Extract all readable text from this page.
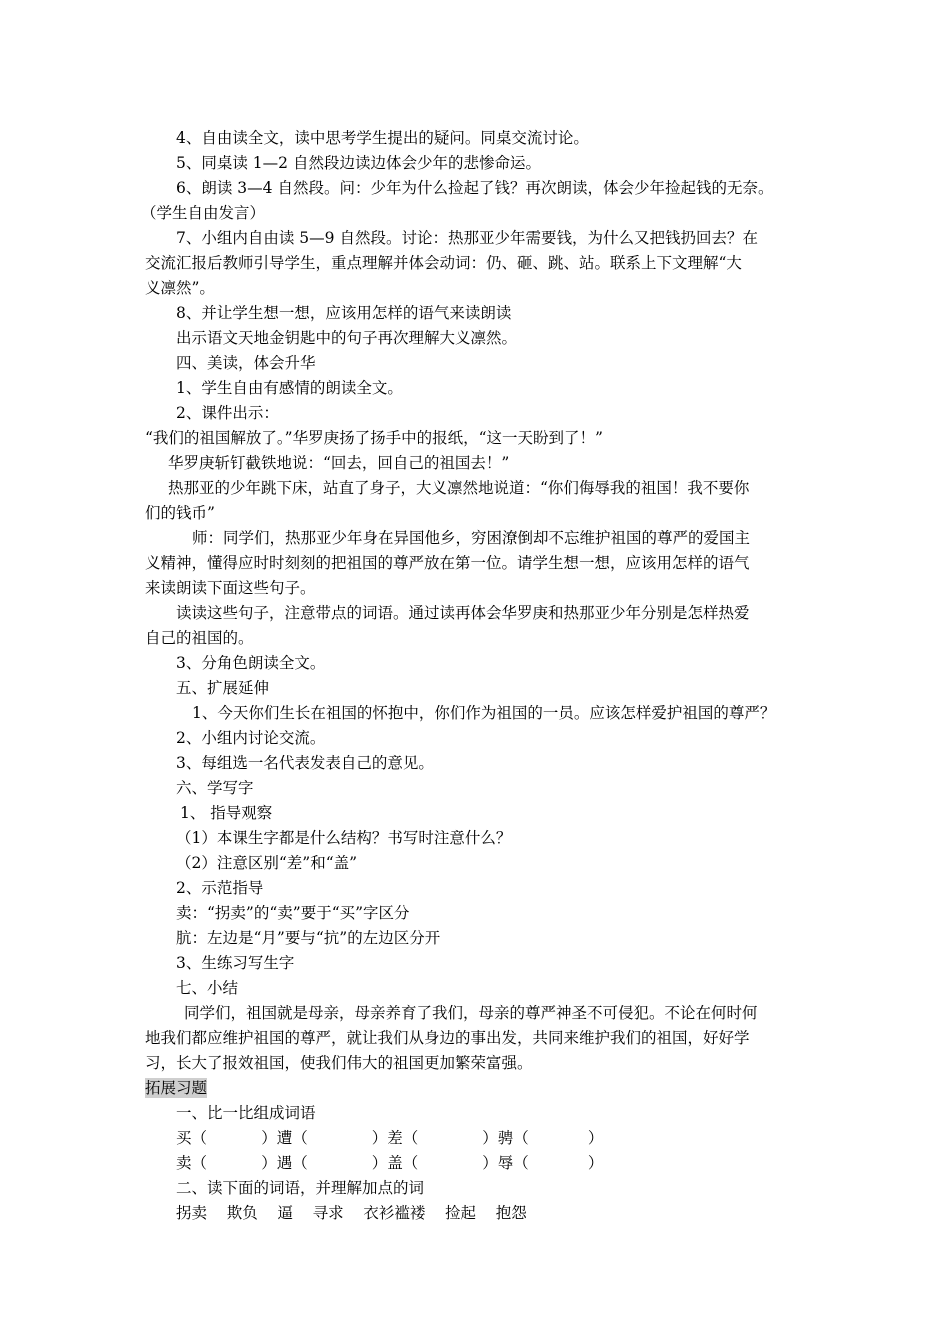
4、自由读全文，读中思考学生提出的疑问。同桌交流讨论。

5、同桌读 1—2 自然段边读边体会少年的悲惨命运。

6、朗读 3—4 自然段。问：少年为什么捡起了钱？再次朗读，体会少年捡起钱的无奈。

（学生自由发言）

7、小组内自由读 5—9 自然段。讨论：热那亚少年需要钱，为什么又把钱扔回去？在

交流汇报后教师引导学生，重点理解并体会动词：仍、砸、跳、站。联系上下文理解“大

义凛然”。

8、并让学生想一想，应该用怎样的语气来读朗读

出示语文天地金钥匙中的句子再次理解大义凛然。

四、美读，体会升华

1、学生自由有感情的朗读全文。

2、课件出示：

“我们的祖国解放了。”华罗庚扬了扬手中的报纸，“这一天盼到了！”

华罗庚斩钉截铁地说：“回去，回自己的祖国去！”

热那亚的少年跳下床，站直了身子，大义凛然地说道：“你们侮辱我的祖国！我不要你

们的钱币”

师：同学们，热那亚少年身在异国他乡，穷困潦倒却不忘维护祖国的尊严的爱国主

义精神，懂得应时时刻刻的把祖国的尊严放在第一位。请学生想一想，应该用怎样的语气

来读朗读下面这些句子。

读读这些句子，注意带点的词语。通过读再体会华罗庚和热那亚少年分别是怎样热爱

自己的祖国的。

3、分角色朗读全文。

五、扩展延伸

1、今天你们生长在祖国的怀抱中，你们作为祖国的一员。应该怎样爱护祖国的尊严？

2、小组内讨论交流。

3、每组选一名代表发表自己的意见。

六、学写字

1、 指导观察

（1）本课生字都是什么结构？书写时注意什么？

（2）注意区别“差”和“盖”

2、示范指导

卖：“拐卖”的“卖”要于“买”字区分

肮：左边是“月”要与“抗”的左边区分开

3、生练习写生字

七、小结

同学们，祖国就是母亲，母亲养育了我们，母亲的尊严神圣不可侵犯。不论在何时何

地我们都应维护祖国的尊严，就让我们从身边的事出发，共同来维护我们的祖国，好好学

习，长大了报效祖国，使我们伟大的祖国更加繁荣富强。

拓展习题

一、比一比组成词语

买（           ）遭（             ）差（             ）骋（            ）

卖（           ）遇（             ）盖（             ）辱（            ）

二、读下面的词语，并理解加点的词

拐卖    欺负    逼    寻求    衣衫褴褛    捡起    抱怨
